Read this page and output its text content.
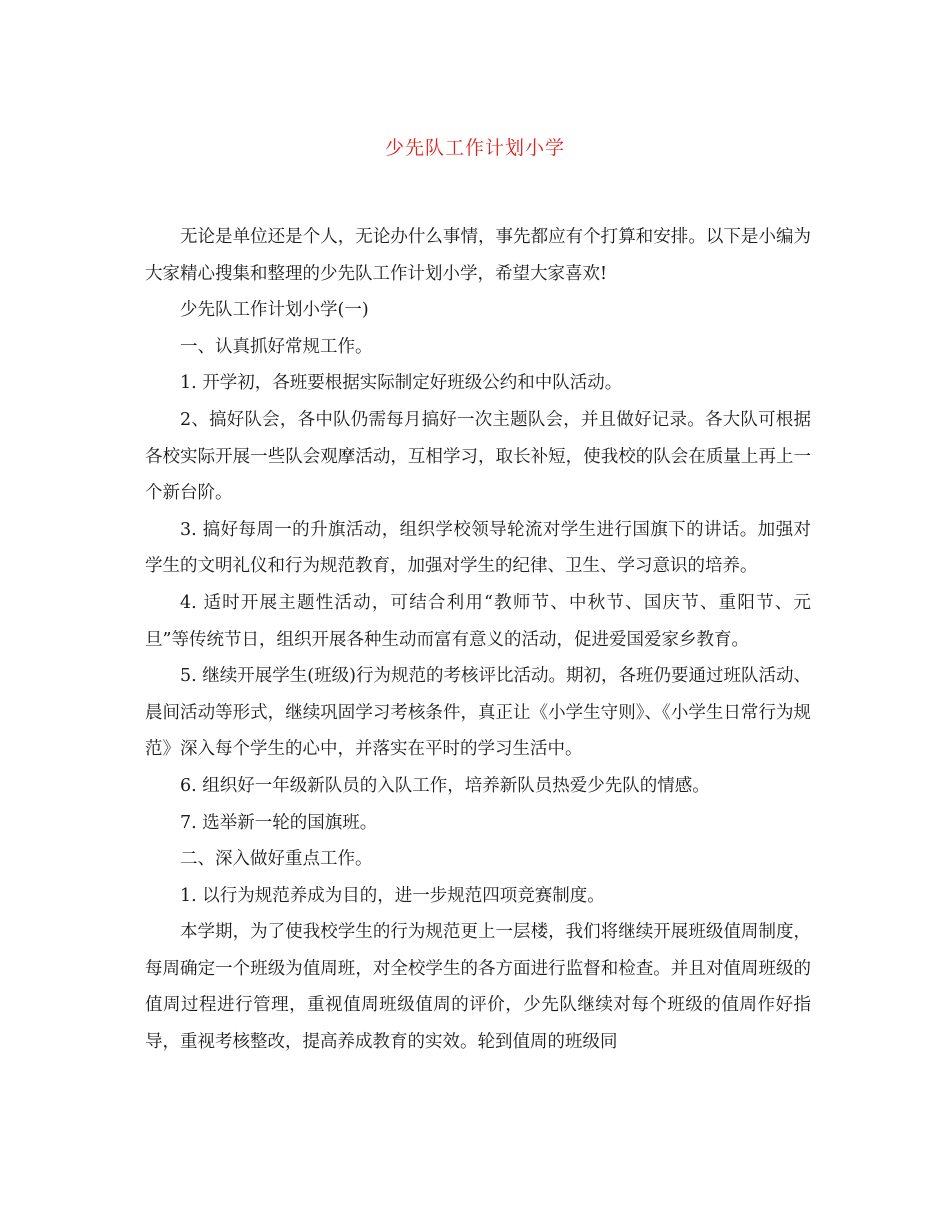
少先队工作计划小学

无论是单位还是个人，无论办什么事情，事先都应有个打算和安排。以下是小编为大家精心搜集和整理的少先队工作计划小学，希望大家喜欢!

少先队工作计划小学(一)

一、认真抓好常规工作。

1. 开学初，各班要根据实际制定好班级公约和中队活动。

2、搞好队会，各中队仍需每月搞好一次主题队会，并且做好记录。各大队可根据各校实际开展一些队会观摩活动，互相学习，取长补短，使我校的队会在质量上再上一个新台阶。

3. 搞好每周一的升旗活动，组织学校领导轮流对学生进行国旗下的讲话。加强对学生的文明礼仪和行为规范教育，加强对学生的纪律、卫生、学习意识的培养。

4. 适时开展主题性活动，可结合利用“教师节、中秋节、国庆节、重阳节、元旦”等传统节日，组织开展各种生动而富有意义的活动，促进爱国爱家乡教育。

5. 继续开展学生(班级)行为规范的考核评比活动。期初，各班仍要通过班队活动、晨间活动等形式，继续巩固学习考核条件，真正让《小学生守则》、《小学生日常行为规范》深入每个学生的心中，并落实在平时的学习生活中。

6. 组织好一年级新队员的入队工作，培养新队员热爱少先队的情感。

7. 选举新一轮的国旗班。

二、深入做好重点工作。

1. 以行为规范养成为目的，进一步规范四项竞赛制度。

本学期，为了使我校学生的行为规范更上一层楼，我们将继续开展班级值周制度，每周确定一个班级为值周班，对全校学生的各方面进行监督和检查。并且对值周班级的值周过程进行管理，重视值周班级值周的评价，少先队继续对每个班级的值周作好指导，重视考核整改，提高养成教育的实效。轮到值周的班级同
